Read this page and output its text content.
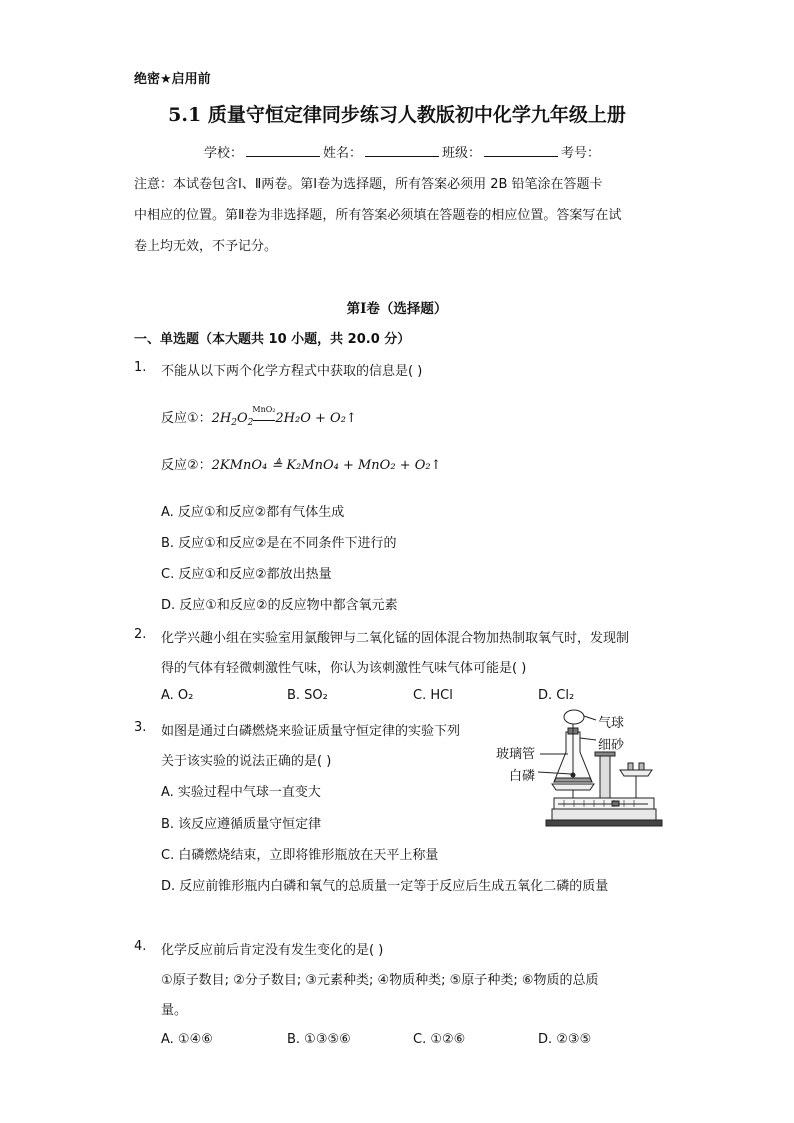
绝密★启用前
5.1 质量守恒定律同步练习人教版初中化学九年级上册
学校：	姓名：	班级：	考号：
注意：本试卷包含Ⅰ、Ⅱ两卷。第Ⅰ卷为选择题，所有答案必须用 2B 铅笔涂在答题卡
中相应的位置。第Ⅱ卷为非选择题，所有答案必须填在答题卷的相应位置。答案写在试
卷上均无效，不予记分。
第Ⅰ卷（选择题）
一、单选题（本大题共 10 小题，共 20.0 分）
1. 不能从以下两个化学方程式中获取的信息是( )
反应①：$2H_2O_2$
MnO₂
2H₂O + O₂↑
反应②：2KMnO₄ ≜ K₂MnO₄ + MnO₂ + O₂↑
A. 反应①和反应②都有气体生成
B. 反应①和反应②是在不同条件下进行的
C. 反应①和反应②都放出热量
D. 反应①和反应②的反应物中都含氧元素
2. 化学兴趣小组在实验室用氯酸钾与二氧化锰的固体混合物加热制取氧气时，发现制
得的气体有轻微刺激性气味，你认为该刺激性气味气体可能是( )
A. O₂	B. SO₂	C. HCl	D. Cl₂
3. 如图是通过白磷燃烧来验证质量守恒定律的实验下列
关于该实验的说法正确的是( )
A. 实验过程中气球一直变大
B. 该反应遵循质量守恒定律
C. 白磷燃烧结束，立即将锥形瓶放在天平上称量
D. 反应前锥形瓶内白磷和氧气的总质量一定等于反应后生成五氧化二磷的质量
气球
细砂
玻璃管
白磷
4. 化学反应前后肯定没有发生变化的是( )
①原子数目; ②分子数目; ③元素种类; ④物质种类; ⑤原子种类; ⑥物质的总质
量。
A. ①④⑥	B. ①③⑤⑥	C. ①②⑥	D. ②③⑤
